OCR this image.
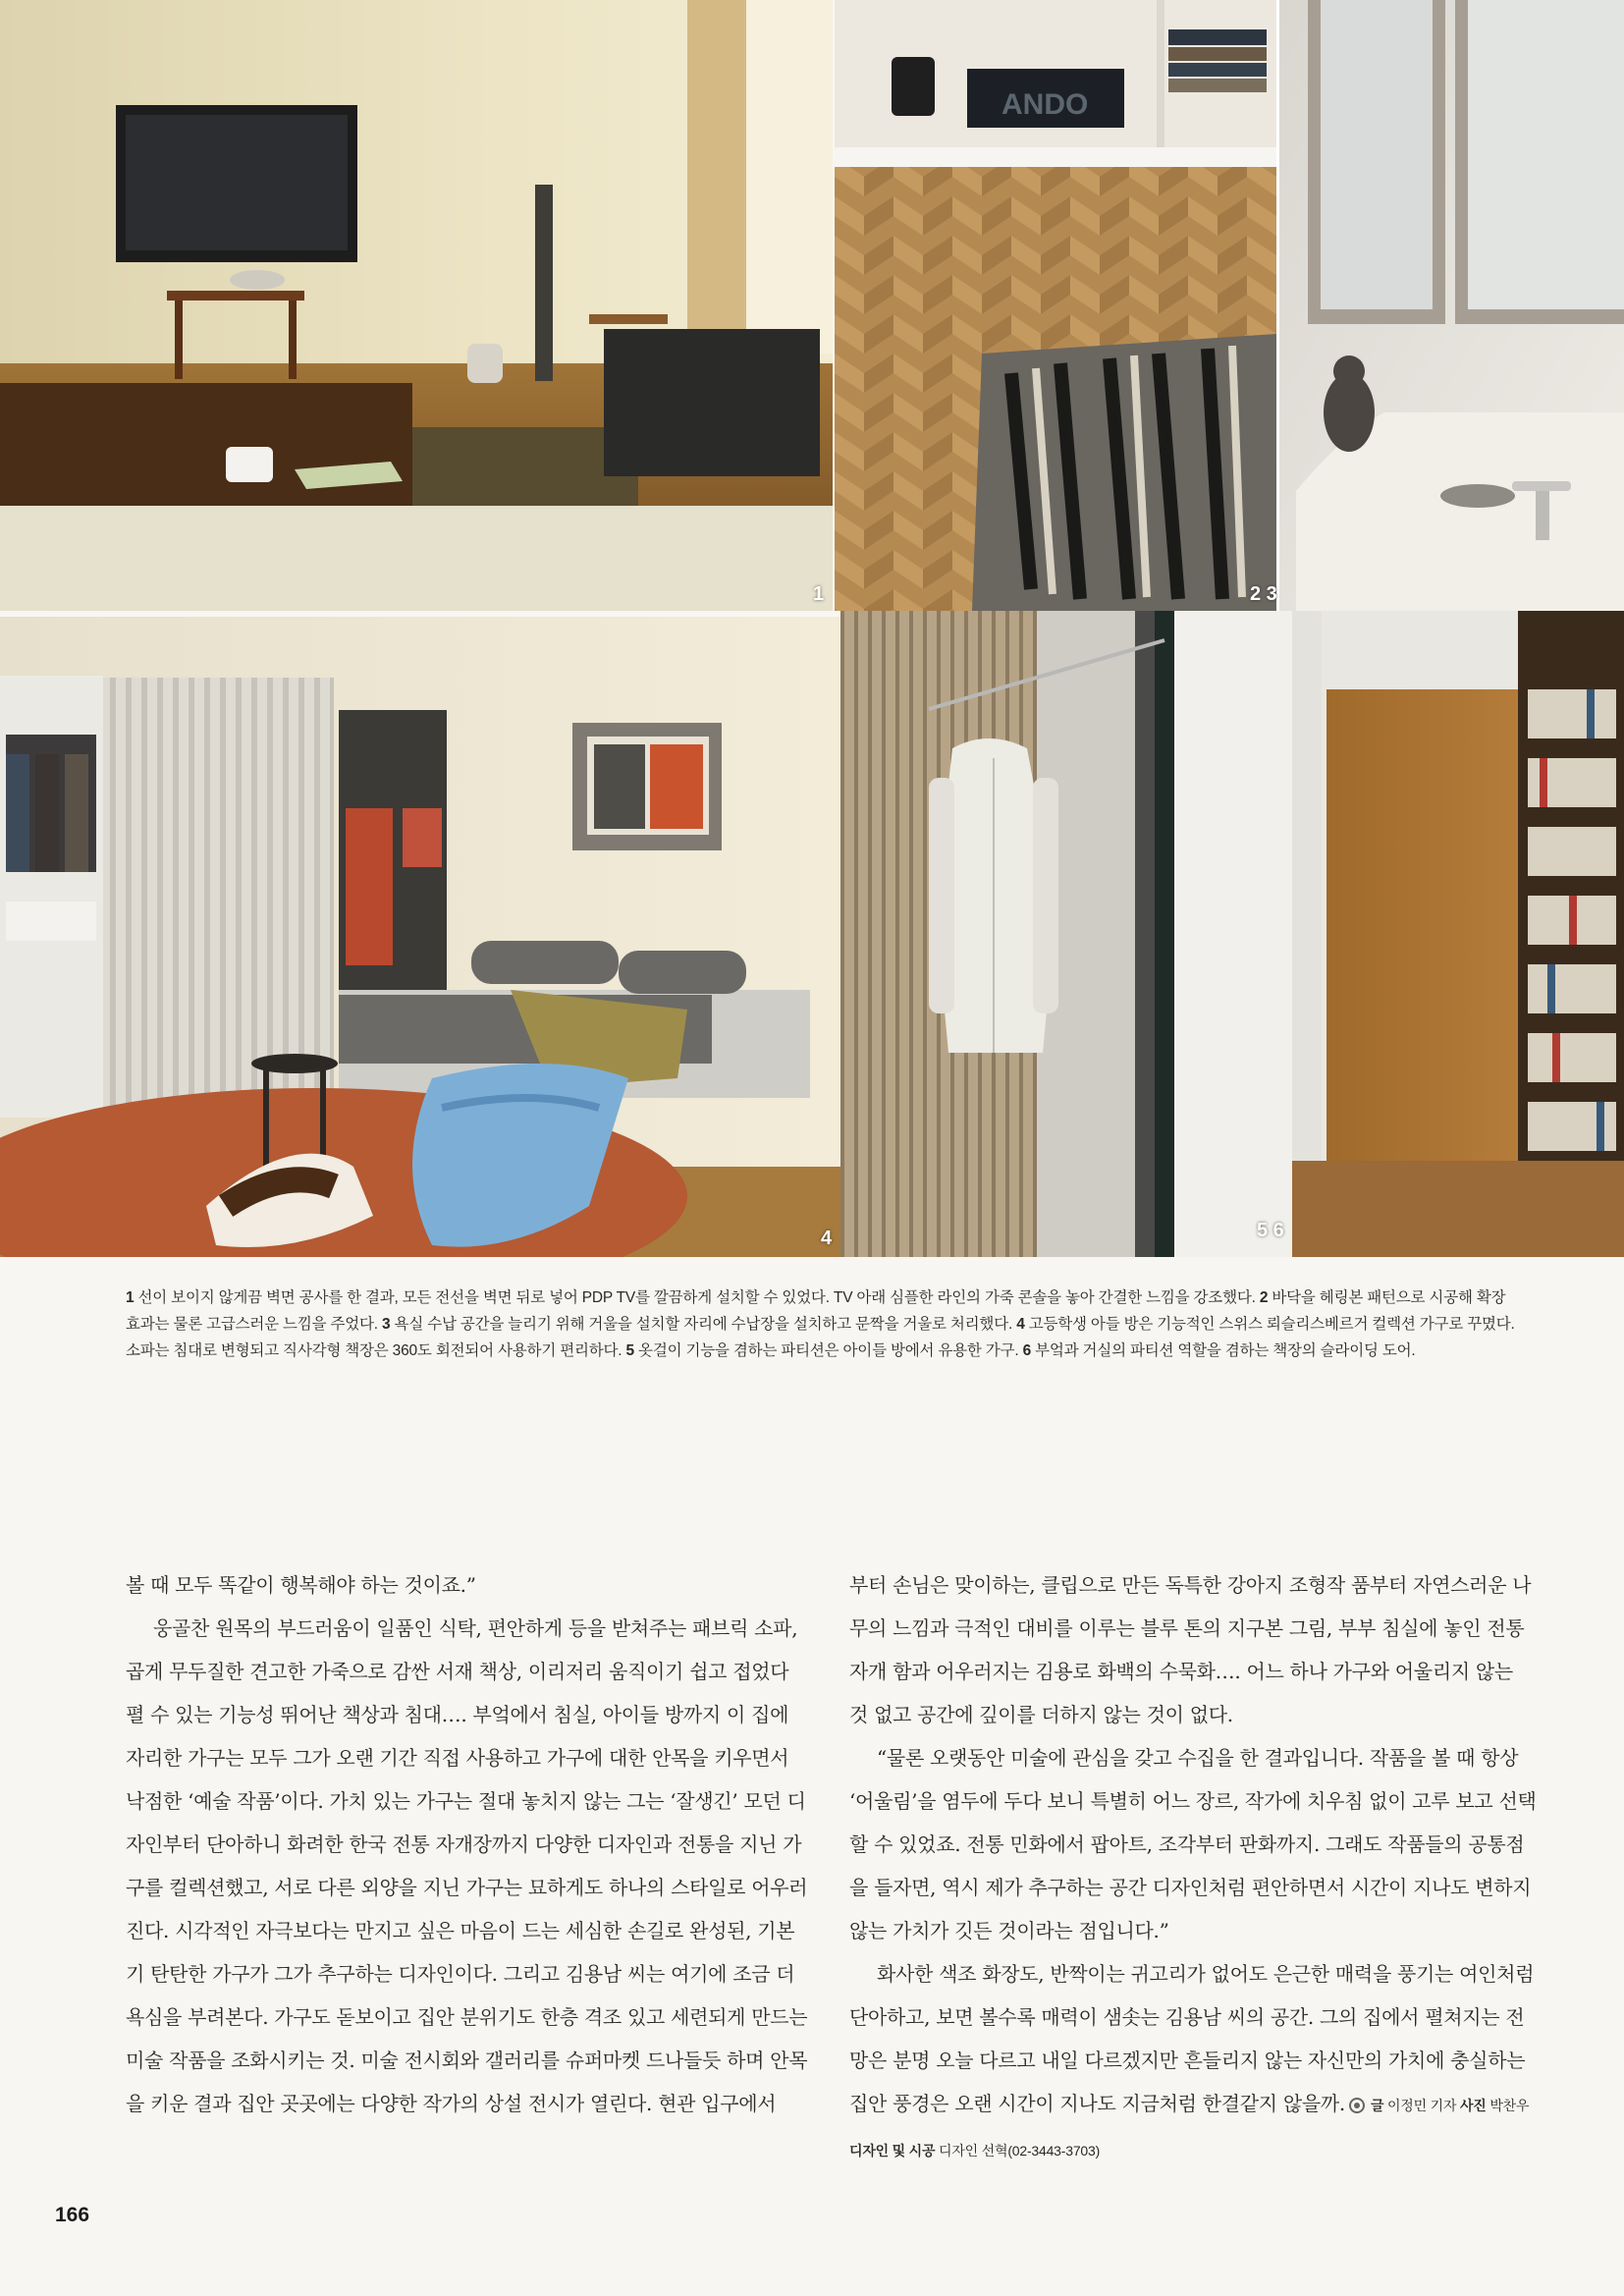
1
ANDO
2 3
4	5 6
1 선이 보이지 않게끔 벽면 공사를 한 결과, 모든 전선을 벽면 뒤로 넣어 PDP TV를 깔끔하게 설치할 수 있었다. TV 아래 심플한 라인의 가죽 콘솔을 놓아 간결한 느낌을 강조했다. 2 바닥을 헤링본 패턴으로 시공해 확장 효과는 물론 고급스러운 느낌을 주었다. 3 욕실 수납 공간을 늘리기 위해 거울을 설치할 자리에 수납장을 설치하고 문짝을 거울로 처리했다. 4 고등학생 아들 방은 기능적인 스위스 뢰슬리스베르거 컬렉션 가구로 꾸몄다. 소파는 침대로 변형되고 직사각형 책장은 360도 회전되어 사용하기 편리하다. 5 옷걸이 기능을 겸하는 파티션은 아이들 방에서 유용한 가구. 6 부엌과 거실의 파티션 역할을 겸하는 책장의 슬라이딩 도어.

볼 때 모두 똑같이 행복해야 하는 것이죠.”

웅골찬 원목의 부드러움이 일품인 식탁, 편안하게 등을 받쳐주는 패브릭 소파, 곱게 무두질한 견고한 가죽으로 감싼 서재 책상, 이리저리 움직이기 쉽고 접었다 펼 수 있는 기능성 뛰어난 책상과 침대…. 부엌에서 침실, 아이들 방까지 이 집에 자리한 가구는 모두 그가 오랜 기간 직접 사용하고 가구에 대한 안목을 키우면서 낙점한 ‘예술 작품’이다. 가치 있는 가구는 절대 놓치지 않는 그는 ‘잘생긴’ 모던 디자인부터 단아하니 화려한 한국 전통 자개장까지 다양한 디자인과 전통을 지닌 가구를 컬렉션했고, 서로 다른 외양을 지닌 가구는 묘하게도 하나의 스타일로 어우러진다. 시각적인 자극보다는 만지고 싶은 마음이 드는 세심한 손길로 완성된, 기본기 탄탄한 가구가 그가 추구하는 디자인이다. 그리고 김용남 씨는 여기에 조금 더 욕심을 부려본다. 가구도 돋보이고 집안 분위기도 한층 격조 있고 세련되게 만드는 미술 작품을 조화시키는 것. 미술 전시회와 갤러리를 슈퍼마켓 드나들듯 하며 안목을 키운 결과 집안 곳곳에는 다양한 작가의 상설 전시가 열린다. 현관 입구에서

부터 손님은 맞이하는, 클립으로 만든 독특한 강아지 조형작 품부터 자연스러운 나무의 느낌과 극적인 대비를 이루는 블루 톤의 지구본 그림, 부부 침실에 놓인 전통 자개 함과 어우러지는 김용로 화백의 수묵화…. 어느 하나 가구와 어울리지 않는 것 없고 공간에 깊이를 더하지 않는 것이 없다.

“물론 오랫동안 미술에 관심을 갖고 수집을 한 결과입니다. 작품을 볼 때 항상 ‘어울림’을 염두에 두다 보니 특별히 어느 장르, 작가에 치우침 없이 고루 보고 선택할 수 있었죠. 전통 민화에서 팝아트, 조각부터 판화까지. 그래도 작품들의 공통점을 들자면, 역시 제가 추구하는 공간 디자인처럼 편안하면서 시간이 지나도 변하지 않는 가치가 깃든 것이라는 점입니다.”

화사한 색조 화장도, 반짝이는 귀고리가 없어도 은근한 매력을 풍기는 여인처럼 단아하고, 보면 볼수록 매력이 샘솟는 김용남 씨의 공간. 그의 집에서 펼쳐지는 전망은 분명 오늘 다르고 내일 다르겠지만 흔들리지 않는 자신만의 가치에 충실하는 집안 풍경은 오랜 시간이 지나도 지금처럼 한결같지 않을까. 글 이정민 기자 사진 박찬우 디자인 및 시공 디자인 선혁(02-3443-3703)

166
